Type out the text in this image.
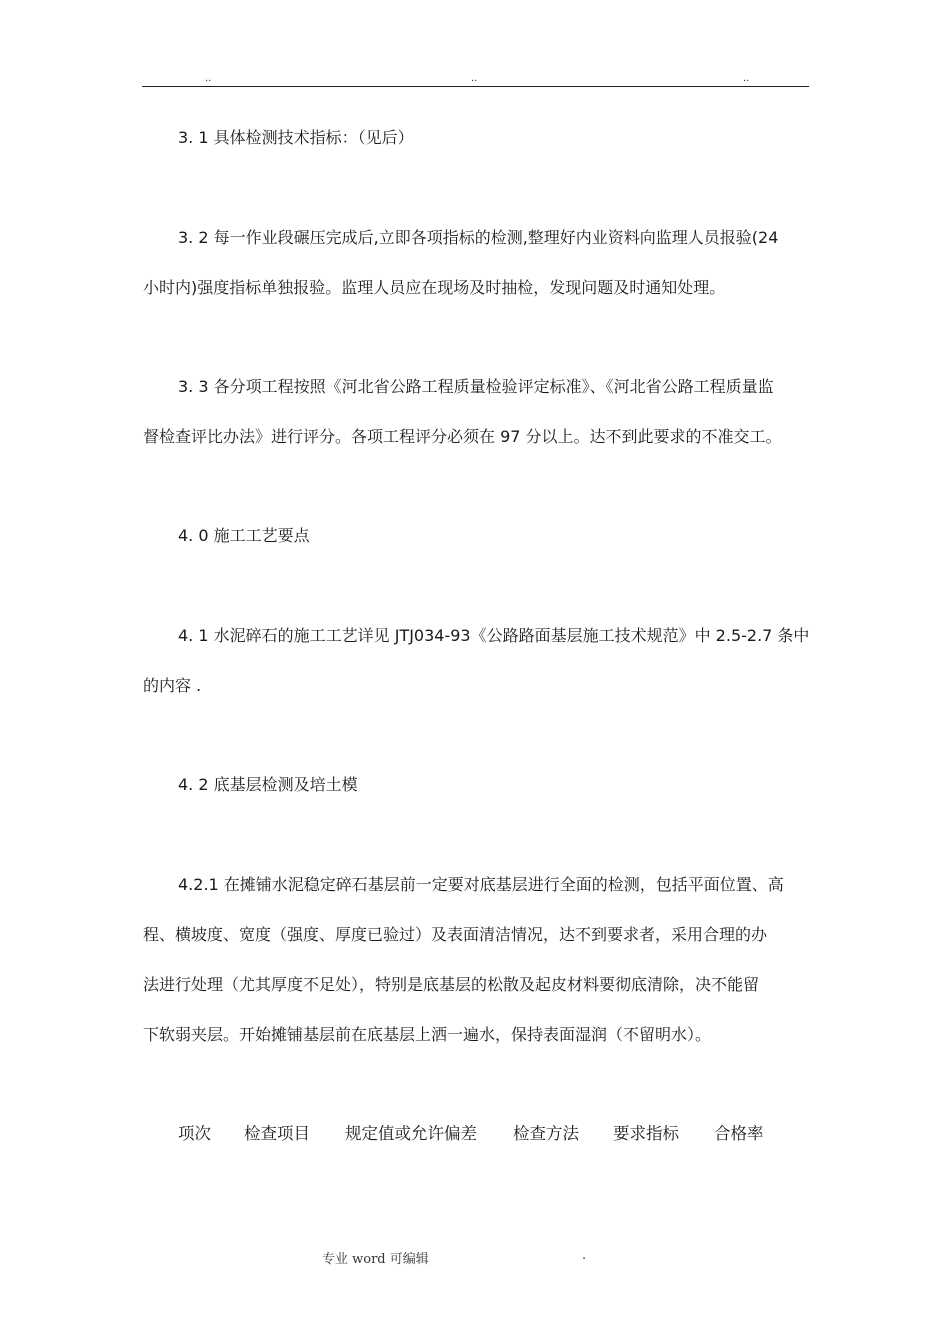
..	..	..
3. 1 具体检测技术指标：（见后）
3. 2 每一作业段碾压完成后,立即各项指标的检测,整理好内业资料向监理人员报验(24
小时内)强度指标单独报验。监理人员应在现场及时抽检，发现问题及时通知处理。
3. 3 各分项工程按照《河北省公路工程质量检验评定标准》、《河北省公路工程质量监
督检查评比办法》进行评分。各项工程评分必须在 97 分以上。达不到此要求的不准交工。
4. 0 施工工艺要点
4. 1 水泥碎石的施工工艺详见 JTJ034-93《公路路面基层施工技术规范》中 2.5-2.7 条中
的内容 .
4. 2 底基层检测及培土模
4.2.1 在摊铺水泥稳定碎石基层前一定要对底基层进行全面的检测，包括平面位置、高
程、横坡度、宽度（强度、厚度已验过）及表面清洁情况，达不到要求者，采用合理的办
法进行处理（尤其厚度不足处），特别是底基层的松散及起皮材料要彻底清除，决不能留
下软弱夹层。开始摊铺基层前在底基层上洒一遍水，保持表面湿润（不留明水）。
项次 检查项目 规定值或允许偏差 检查方法 要求指标 合格率
专业 word 可编辑	.
